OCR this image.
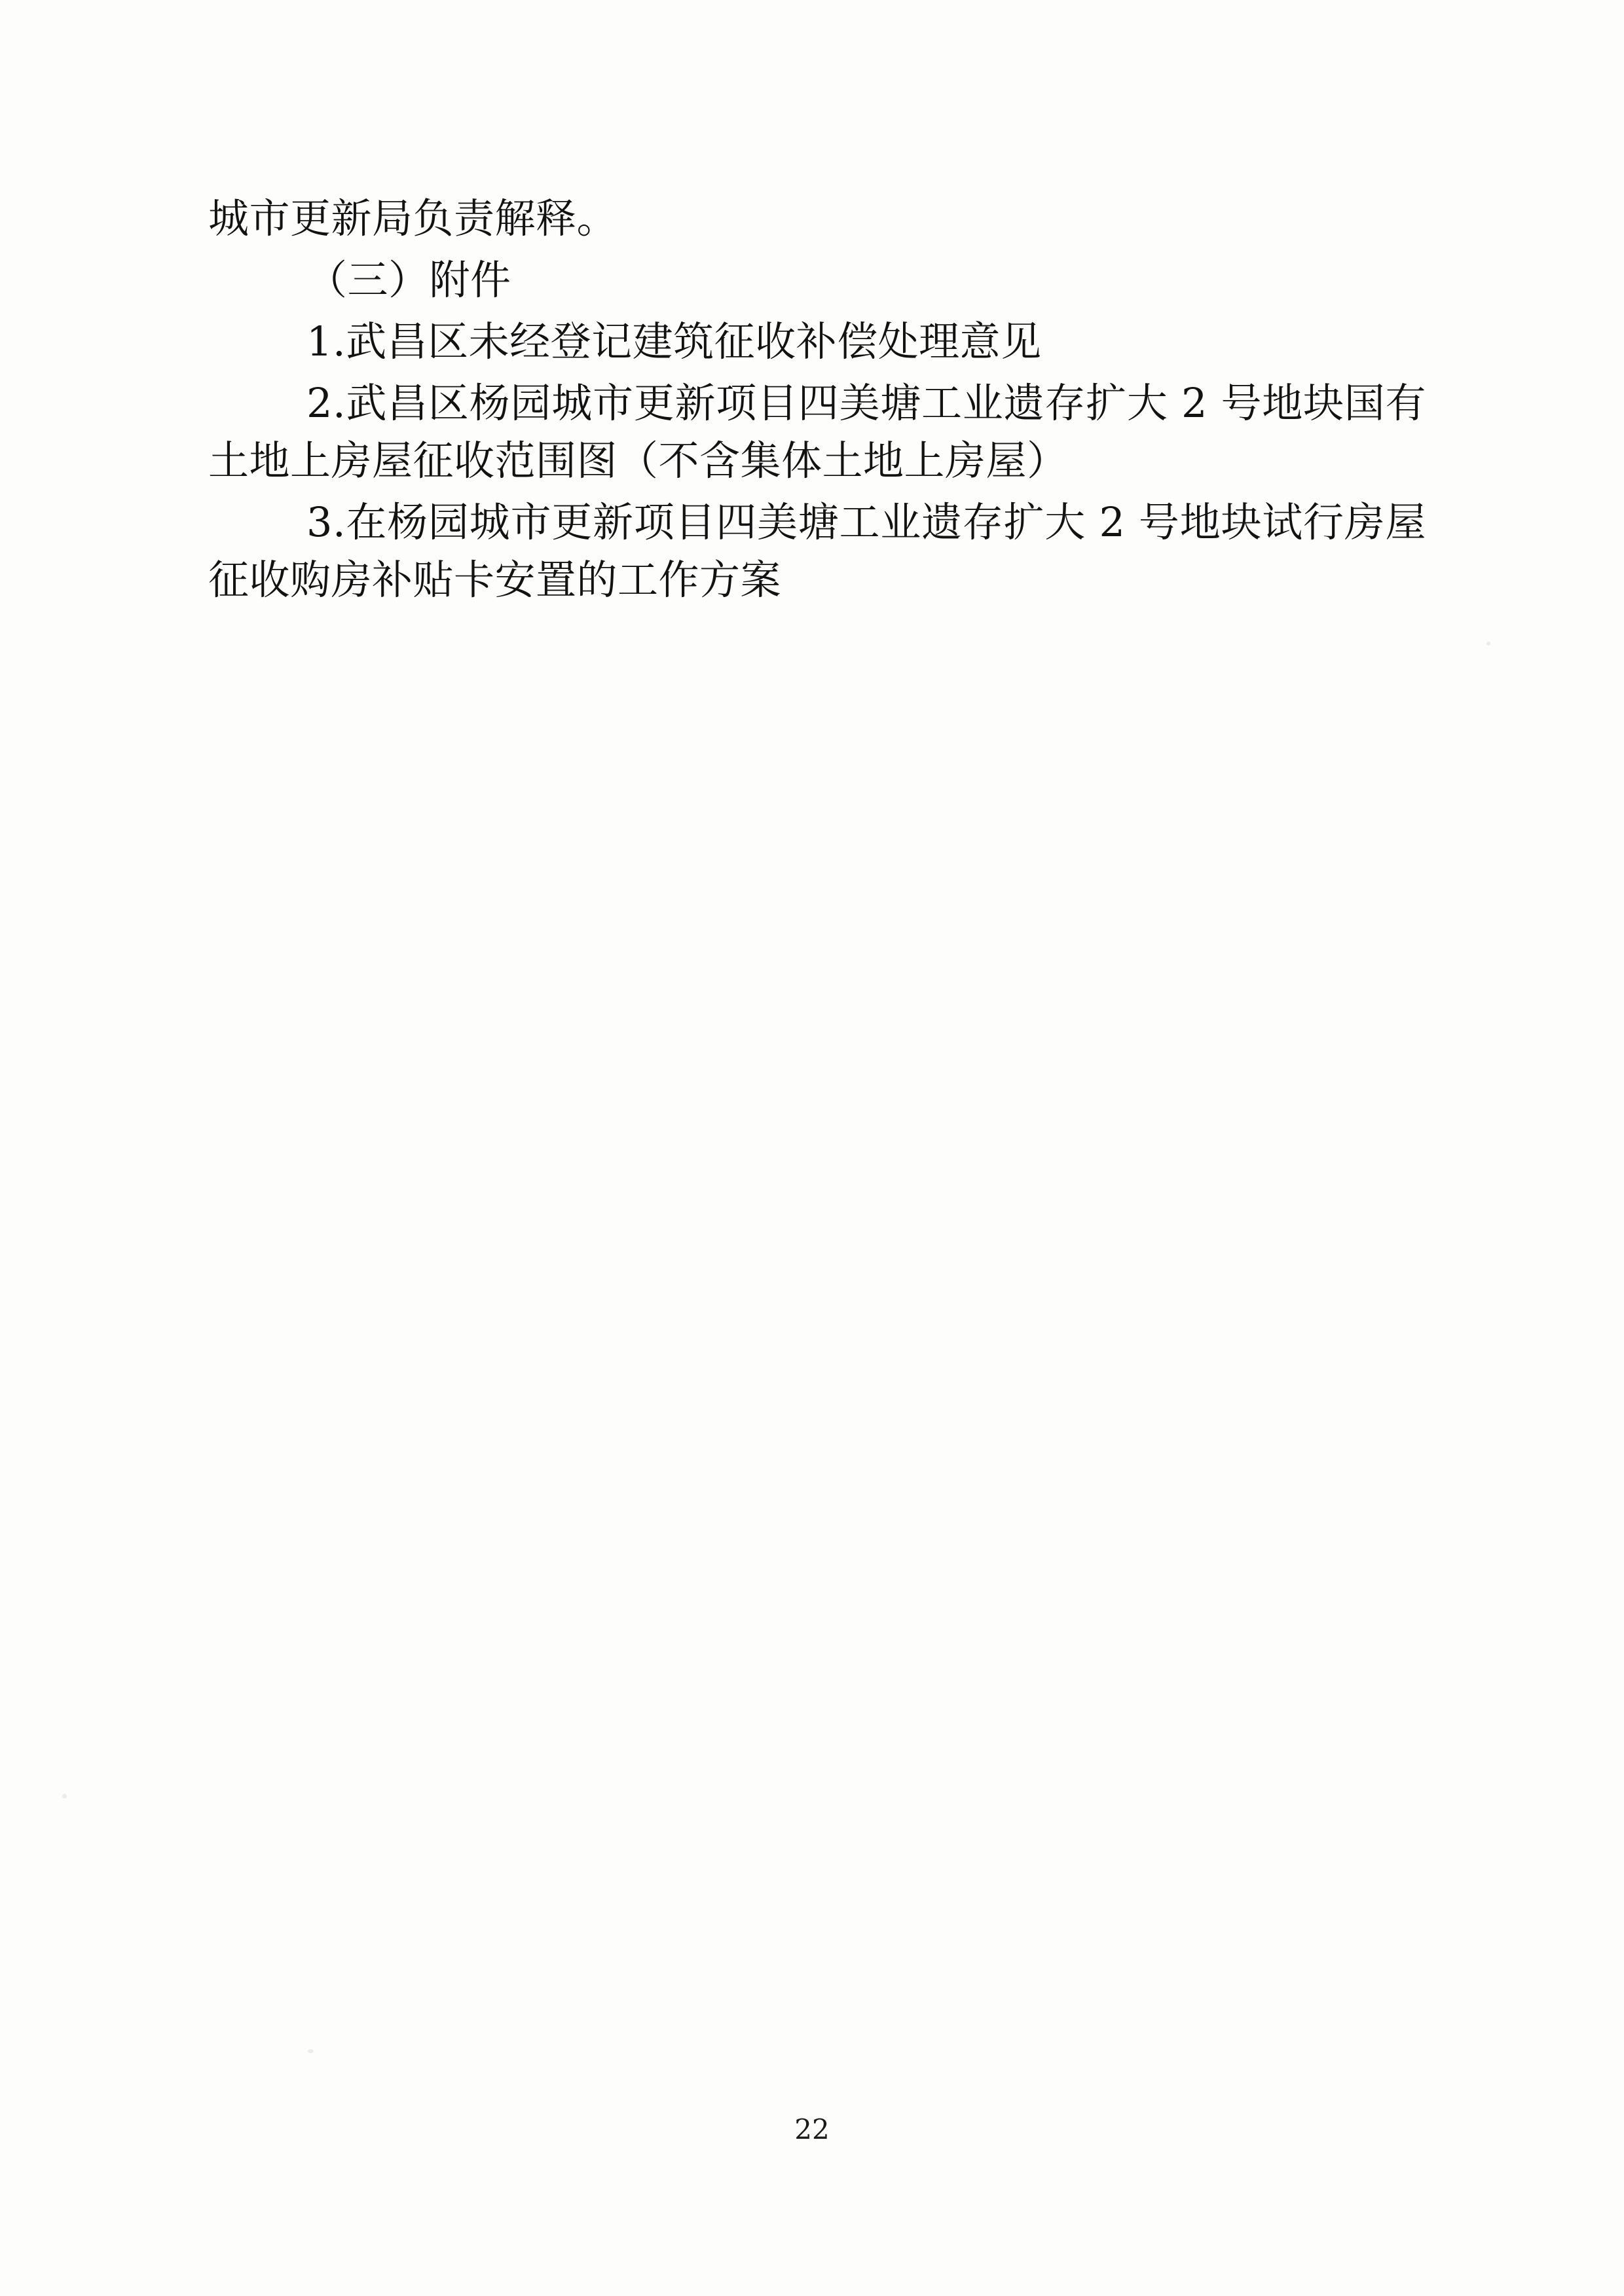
城市更新局负责解释。

（三）附件

1.武昌区未经登记建筑征收补偿处理意见

2.武昌区杨园城市更新项目四美塘工业遗存扩大 2 号地块国有土地上房屋征收范围图（不含集体土地上房屋）

3.在杨园城市更新项目四美塘工业遗存扩大 2 号地块试行房屋征收购房补贴卡安置的工作方案

22
